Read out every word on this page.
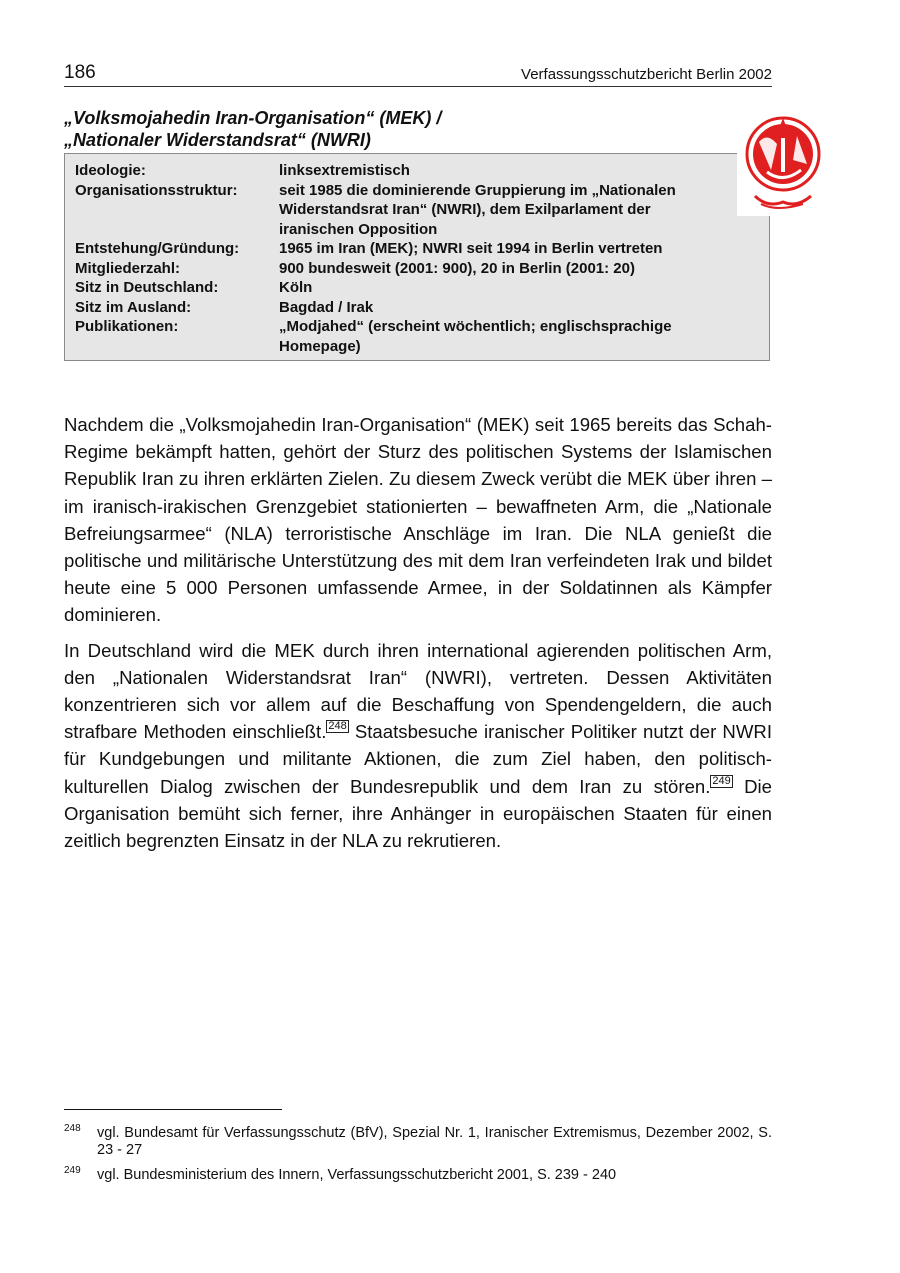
186	Verfassungsschutzbericht Berlin 2002
„Volksmojahedin Iran-Organisation“ (MEK) /
„Nationaler Widerstandsrat“ (NWRI)
Ideologie:	linksextremistisch
Organisationsstruktur:	seit 1985 die dominierende Gruppierung im „Nationalen Widerstandsrat Iran“ (NWRI), dem Exilparlament der iranischen Opposition
Entstehung/Gründung:	1965 im Iran (MEK); NWRI seit 1994 in Berlin vertreten
Mitgliederzahl:	900 bundesweit (2001: 900), 20 in Berlin (2001: 20)
Sitz in Deutschland:	Köln
Sitz im Ausland:	Bagdad / Irak
Publikationen:	„Modjahed“ (erscheint wöchentlich; englischsprachige Homepage)

Nachdem die „Volksmojahedin Iran-Organisation“ (MEK) seit 1965 bereits das Schah-Regime bekämpft hatten, gehört der Sturz des politischen Systems der Islamischen Republik Iran zu ihren erklärten Zielen. Zu diesem Zweck verübt die MEK über ihren – im iranisch-irakischen Grenzgebiet stationierten – bewaffneten Arm, die „Nationale Befreiungsarmee“ (NLA) terroristische Anschläge im Iran. Die NLA genießt die politische und militärische Unterstützung des mit dem Iran verfeindeten Irak und bildet heute eine 5 000 Personen umfassende Armee, in der Soldatinnen als Kämpfer dominieren.

In Deutschland wird die MEK durch ihren international agierenden politischen Arm, den „Nationalen Widerstandsrat Iran“ (NWRI), vertreten. Dessen Aktivitäten konzentrieren sich vor allem auf die Beschaffung von Spendengeldern, die auch strafbare Methoden einschließt. $^{248}$ Staatsbesuche iranischer Politiker nutzt der NWRI für Kundgebungen und militante Aktionen, die zum Ziel haben, den politisch-kulturellen Dialog zwischen der Bundesrepublik und dem Iran zu stören. $^{249}$ Die Organisation bemüht sich ferner, ihre Anhänger in europäischen Staaten für einen zeitlich begrenzten Einsatz in der NLA zu rekrutieren.

248	vgl. Bundesamt für Verfassungsschutz (BfV), Spezial Nr. 1, Iranischer Extremismus, Dezember 2002, S. 23 - 27
249	vgl. Bundesministerium des Innern, Verfassungsschutzbericht 2001, S. 239 - 240
